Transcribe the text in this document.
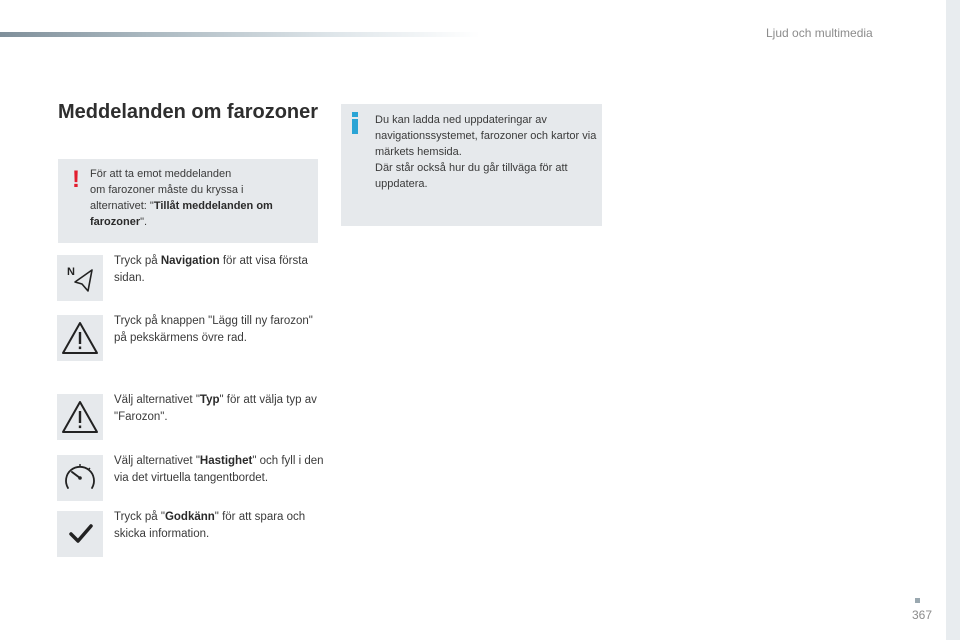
Ljud och multimedia
Meddelanden om farozoner
! För att ta emot meddelanden
om farozoner måste du kryssa i
alternativet: "Tillåt meddelanden om farozoner".
Du kan ladda ned uppdateringar av navigationssystemet, farozoner och kartor via märkets hemsida.
Där står också hur du går tillväga för att uppdatera.
N
Tryck på Navigation för att visa första sidan.
Tryck på knappen "Lägg till ny farozon" på pekskärmens övre rad.
Välj alternativet "Typ" för att välja typ av "Farozon".
Välj alternativet "Hastighet" och fyll i den via det virtuella tangentbordet.
Tryck på "Godkänn" för att spara och skicka information.
367
